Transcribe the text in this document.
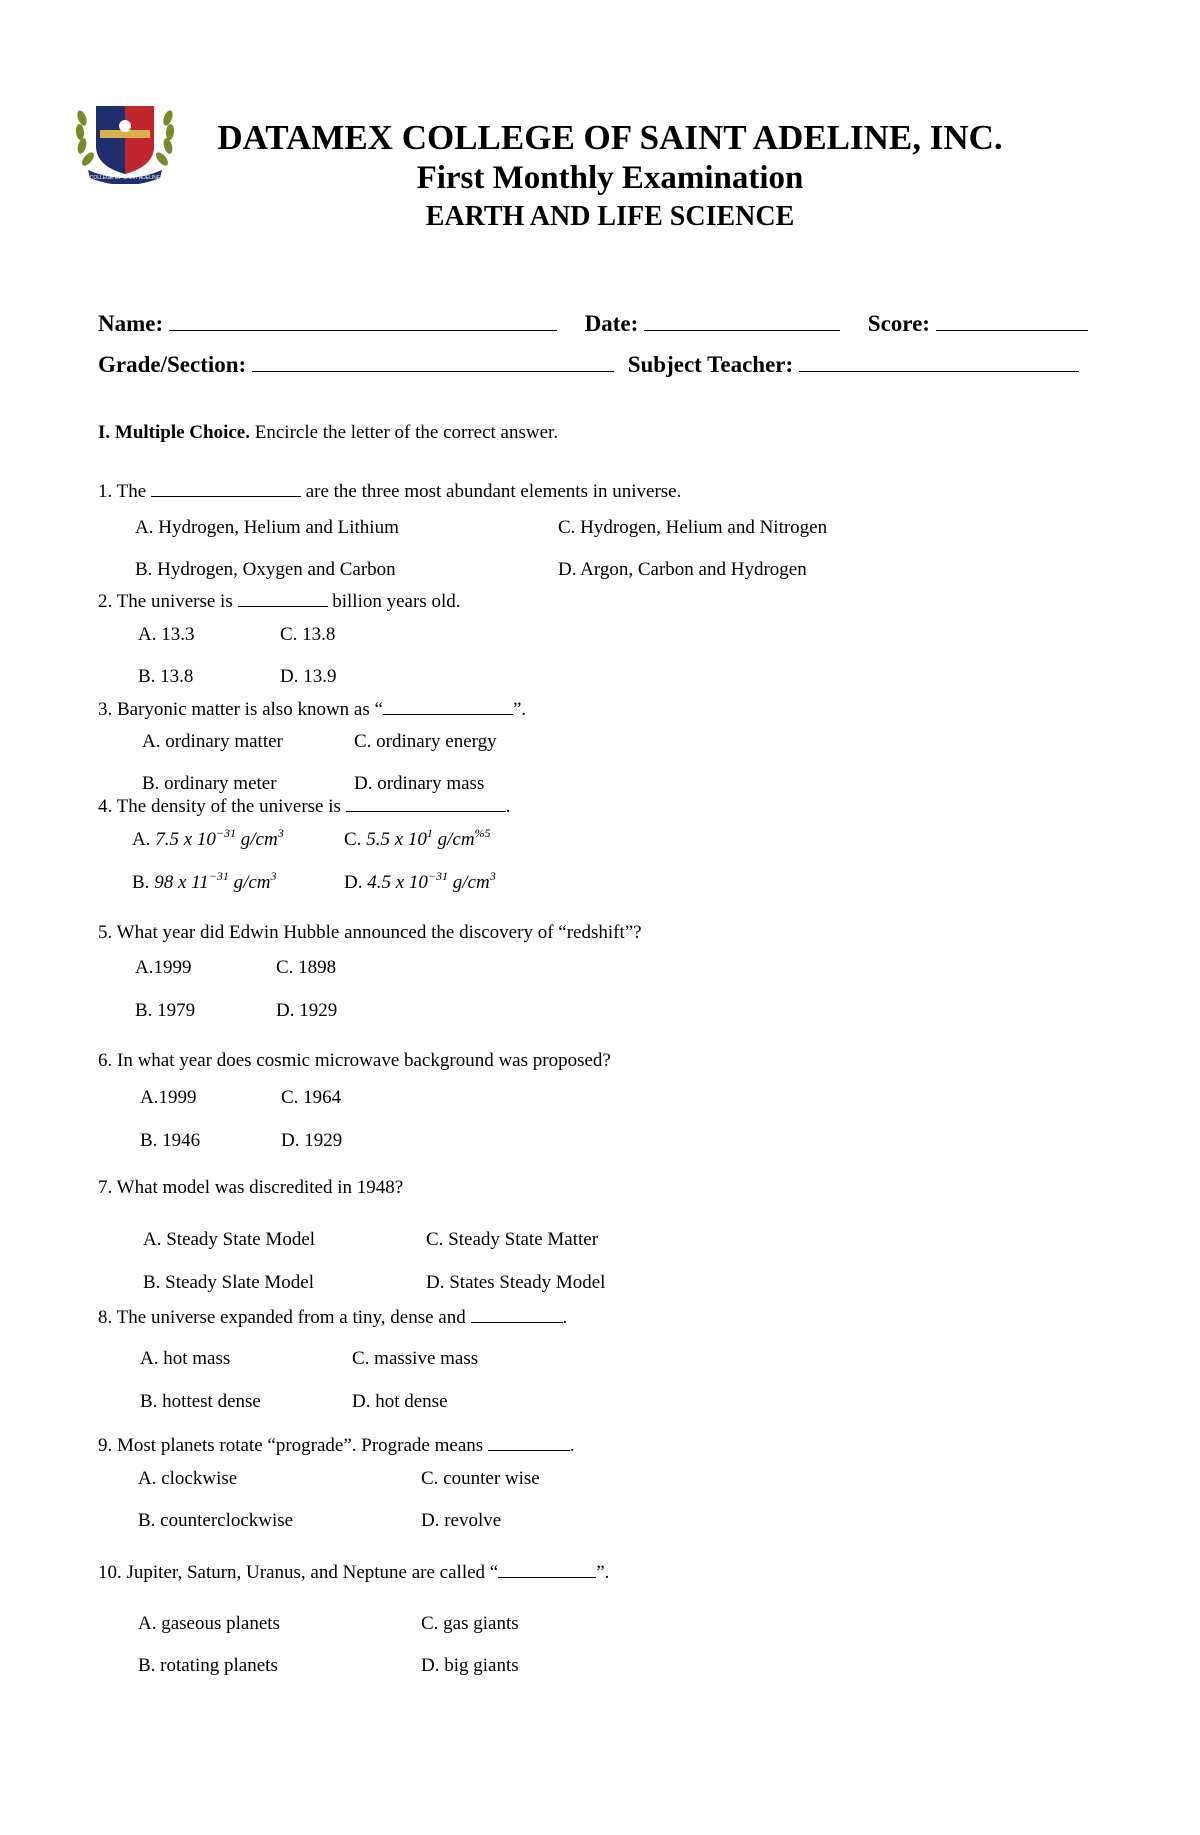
COLLEGE OF SAINT ADELINE
DATAMEX COLLEGE OF SAINT ADELINE, INC.
First Monthly Examination
EARTH AND LIFE SCIENCE
Name:	Date:	Score:
Grade/Section:	Subject Teacher:
I. Multiple Choice. Encircle the letter of the correct answer.
1. The	are the three most abundant elements in universe.
A. Hydrogen, Helium and Lithium	C. Hydrogen, Helium and Nitrogen
B. Hydrogen, Oxygen and Carbon	D. Argon, Carbon and Hydrogen
2. The universe is	billion years old.
A. 13.3	C. 13.8
B. 13.8	D. 13.9
3. Baryonic matter is also known as “	”.
A. ordinary matter	C. ordinary energy
B. ordinary meter	D. ordinary mass
4. The density of the universe is	.
A. 7.5 x $10^{-31}$ $g/cm^3$	C. 5.5 x $10^1$ $g/cm^{\%5}$
B. 98 x $11^{-31}$ $g/cm^3$	D. 4.5 x $10^{-31}$ $g/cm^3$
5. What year did Edwin Hubble announced the discovery of “redshift”?
A.1999	C. 1898
B. 1979	D. 1929
6. In what year does cosmic microwave background was proposed?
A.1999	C. 1964
B. 1946	D. 1929
7. What model was discredited in 1948?
A. Steady State Model	C. Steady State Matter
B. Steady Slate Model	D. States Steady Model
8. The universe expanded from a tiny, dense and	.
A. hot mass	C. massive mass
B. hottest dense	D. hot dense
9. Most planets rotate “prograde”. Prograde means	.
A. clockwise	C. counter wise
B. counterclockwise	D. revolve
10. Jupiter, Saturn, Uranus, and Neptune are called “	”.
A. gaseous planets	C. gas giants
B. rotating planets	D. big giants
